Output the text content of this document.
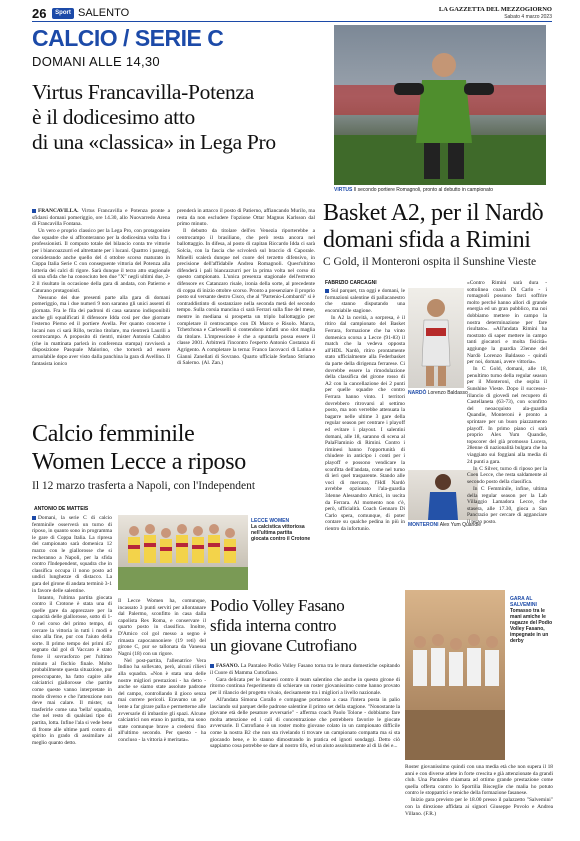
26	Sport SALENTO	LA GAZZETTA DEL MEZZOGIORNO
Sabato 4 marzo 2023
CALCIO / SERIE C
DOMANI ALLE 14,30
Virtus Francavilla-Potenza
è il dodicesimo atto
di una «classica» in Lega Pro
VIRTUS Il secondo portiere Romagnoli, pronto al debutto in campionato

FRANCAVILLA. Virtus Francavilla e Potenza pronte a sfidarsi domani pomeriggio, ore 14.30, allo Nuovarredo Arena di Francavilla Fontana.

Un vero e proprio classico per la Lega Pro, con protagoniste due squadre che si affronteranno per la dodicesima volta fra i professionisti. Il computo totale del bilancio conta tre vittorie per i biancoazzurri ed altrettante per i lucani. Quattro i pareggi, considerando anche quello del 4 ottobre scorso maturato in Coppa Italia Serie C con conseguente vittoria del Potenza alla lotteria dei calci di rigore. Sarà dunque il terzo atto stagionale di una sfida che ha conosciuto ben due "X" negli ultimi due, 2-2 il risultato in occasione della gara di andata, con Patierno e Caturano protagonisti.

Nessuno dei due presenti parte alla gara di domani pomeriggio, ma i due numeri 9 non saranno gli unici assenti di giornata. Fra le fila dei padroni di casa saranno indisponibili anche gli squalificati il difensore Idda così per due giornate l'esterno Pierno ed il portiere Avella. Per quanto concerne i lucani non ci sarà Rillo, terzino titolare, ma rientrerà Laurili a centrocampo. A proposito di rientri, mister Antonio Calabro (che in mattinata parlerà in conferenza stampa) ravviserà a disposizione Pasquale Maiorino, che tornerà ad essere arruolabile dopo aver visto dalla panchina la gara di Avellino. Il fantasista ionico

prenderà in attacco il posto di Patierno, affiancando Murilo, ma resta da non escludere l'opzione Ottar Magnus Karlsson dal primo minuto.

Il debutto da titolare dell'ex Venezia riporterebbe a centrocampo il brasiliano, che però resta ancora nel ballottaggio. In difesa, al posto di capitan Riccardo Idda ci sarà Solcia, con la fascia che scivolerà sul braccio di Caporale. Minelli scalerà dunque nel cuore del terzetto difensivo, in precisione dell'affidabile Andrea Romagnoli. Quest'ultimo difenderà i pali biancazzurri per la prima volta nel corso di questo campionato. L'unica presenza stagionale dell'estremo difensore ex Catanzaro risale, ironia della sorte, al precedente di coppa di inizio ottobre scorso. Pronto a presenziare il proprio posto sul versante destro Cisco, che al "Partenio-Lombardi" si è contraddistinto di sostanziare nella seconda metà del secondo tempo. Sulla corsia mancina ci sarà Ferrari sulla fine del mese, mentre in mediana si prospetta un triplo ballottaggio per completare il centrocampo con Di Marco e Risolo. Marca, Tchetchoua e Carlesselli si contendono infatti uno slot maglia da titolare. L'impressione è che a spuntarla possa essere il classe 2001. Arbitrerà l'incontro l'esperto Antonio Costanza di Agrigento. A completare la terna: Franco Iacovacci di Latina e Gianni Zanellati di Sovrano. Quarto ufficiale Stefano Striamo di Salerno. (Al. Zan.)

Basket A2, per il Nardò
domani sfida a Rimini
C Gold, il Monteroni ospita il Sunshine Vieste
FABRIZIO CARCAGNI

Sul parquet, tra oggi e domani, le formazioni salentine di pallacanestro che stanno disputando una encomiabile stagione.

In A2 la novità, a sorpresa, è il ritiro dal campionato del Basket Ferrara, formazione che ha vinto domenica scorsa a Lecce (91-83) il match che la vedeva opposta all'HDL Nardò, ritiro prontamente stato ufficialmente alla Federbasket da parte della dirigenza ferrarese. Ci dovrebbe essere la rimodulazione della classifica del girone rosso di A2 con la cancellazione dei 2 punti per quelle squadre che contro Ferrara hanno vinto. I territori dovrebbero ritrovarsi al settimo posto, ma non verrebbe attenuata la bagarre nelle ultime 3 gare della regular season per centrare i playoff ed evitare i playout. I salentini domani, alle 18, saranno di scena al PalaFlaminio di Rimini. Contro i riminesi hanno l'opportunità di chiudere in anticipo i conti per i playoff e possono vendicare la sconfitta dell'andata, come nel turno di ieri quel trasparente. Stando alle voci di mercato, l'HdI Nardò avrebbe opzionato l'ala-guardia 34enne Alessandro Amici, in uscita da Ferrara. Al momento non c'è, però, ufficialità. Coach Gennaro Di Carlo spera, comunque, di poter contare su qualche pedina in più in rientro da infortunio.

NARDÒ Lorenzo Baldasso
MONTERONI Alex Yum Quandie

«Contro Rimini sarà dura - sottolinea coach Di Carlo - i romagnoli possono farci soffrire molto perché hanno allori di grande energia ed un gran pubblico, ma noi dobbiamo mettere in campo la nostra determinazione per fare risultato». «All'andata Rimini ha mostrato di saper mettere in campo tanti giocatori e molta fisicità» aggiunge la guardia 23enne del Nardò Lorenzo Baldasso - quindi per noi, domani, avere vittoria».

In C Gold, domani, alle 18, penultimo turno della regular season per il Monteroni, che ospita il Sunshine Vieste. Dopo il successo-rilancio di giovedì nel recupero di Castellaneta (63-73), con sconfitto del neoacquisto ala-guardia Quandie, Monteroni è pronto a sprintare per un buon piazzamento playoff. In primo piano ci sarà proprio Alex Yum Quandie, topscorer del già promosso Lucera, 28enne di nazionalità bulgara che ha viaggiato sui foggiani alla media di 24 punti a gara.

In C Silver, turno di riposo per la Coen Lecce, che resta saldamente al secondo posto della classifica.

In C Femminile, infine, ultima della regular season per la Lab Villaggio Lamadora Lecce, che stasera, alle 17.30, gioca a San Pancrazio per cercare di agganciare il terzo posto.

Calcio femminile
Women Lecce a riposo
Il 12 marzo trasferta a Napoli, con l'Independent
ANTONIO DE MATTEIS

Domani, la serie C di calcio femminile osserverà un turno di riposo, in quanto sono in programma le gare di Coppa Italia. La ripresa del campionato sarà domenica 12 marzo con le giallorosse che si recheranno a Napoli, per la sfida contro l'Independent, squadra che in classifica occupa il nono posto ad undici lunghezze di distacco. La gara del girone di andata terminò 3-1 in favore delle salentine.

Intanto, l'ultima partita giocata contro il Crotone è stata una di quelle gare da apprezzare per la capacità delle giallorosse, sotto di 1-0 nel corso del primo tempo, di cercare la vittoria in tutti i modi e sino alla fine, pur con l'aiuto della sorte. Il primo tempo dei primi 45' segnato dal gol di Vaccaro è stato forse il sovrasforzo per l'ultimo minuto al fischio finale. Molto probabilmente questa situazione, pur preoccupante, ha fatto capire alle calciatrici giallorosse che partite come queste vanno interpretate in modo diverso e che l'attenzione non deve mai calare. Il mister, sa trasferirle come una 'bella' squadra, che nel resto di qualsiasi tipo di partita, lotta. Infine l'ala si vede bene di fronte alle ultime parti contro di spirito in grado di assimilare al meglio quanto detto.

LECCE WOMEN
La calcistica vittoriosa nell'ultima partita giocata contro il Crotone

Il Lecce Women ha, comunque, incassato 3 punti serviti per allontanare dal Palermo, sconfitto in casa dalla capolista Res Roma, e conservare il quarto posto in classifica. Inoltre, D'Amico col gol messo a segno è rimasta capocannoniere (19 reti) del girone C, pur se tallonata da Vanessa Nagni (18) con un rigore.

Nel post-partita, l'allenatrice Vera Indino ha sollevato, però, alcuni rilievi alla squadra. «Non è stata una delle nostre migliori prestazioni - ha detto - anche se siamo state assolute padrone del campo, controllando il gioco senza mai correre pericoli. Eravamo un po' lente a far girare palla e permetterne alle avversarie di imbastire gli spazi. Alcune calciatrici non erano in partita, ma sono state comunque brave a credersi fino all'ultimo secondo. Per questo - ha concluso - la vittoria è meritata».

Podio Volley Fasano
sfida interna contro
un giovane Cutrofiano
GARA AL SALVEMINI
Tomasso tra le mani amiche le ragazze del Podio Volley Fasano, impegnate in un derby

FASANO. La Pantaleo Podio Volley Fasano torna tra le mura domestiche ospitando il Cuore di Mamma Cutrofiano.

Gara delicata per le lisanesi contro il team salentino che anche in questo girone di ritorno continua l'esperimento di schierare un roster giovanissimo come hanno provato per il rilancio del progetto vivaio, decisamente tra i migliori a livello nazionale.

All'andata Simona Corallo e compagne portarono a casa l'intera posta in palio lasciando sul parquet delle padrone salentine il primo set della stagione. "Nonostante la giovane età delle pesature avversarie" - afferma coach Paolo Tolone - dobbiamo fare molta attenzione ed i cali di concentrazione che potrebbero favorire le giocate avversarie. Il Cutrofiano è un roster molto giovane colato in un campionato difficile come la nostra B2 che non sta rivelando ti trovare un campionato compatta ma si sta giocando bene, e lo stanno dimostrando in pratica ed ignoti sondaggi. Detto ciò sappiamo cosa potrebbe se dare al nostro tifo, ed un aiuto assolutamente al di là dei e...

Roster giovanissimo quindi con una media età che non supera il 18 anni e con diverse atlete in forte crescita e già attenzionate da grandi club. Una Pantaleo chiamata ad ottimo grande prestazione come quella offerta contro lo Sportilia Bisceglie che malia ho potuto contro le stoppatrici e teniche della formazione fasanese.

Inizio gara previsto per le 18.00 presso il palazzetto "Salvemini" con la direzione affidata ai signori Giuseppe Povolo e Andrea Villano. (F.R.)
